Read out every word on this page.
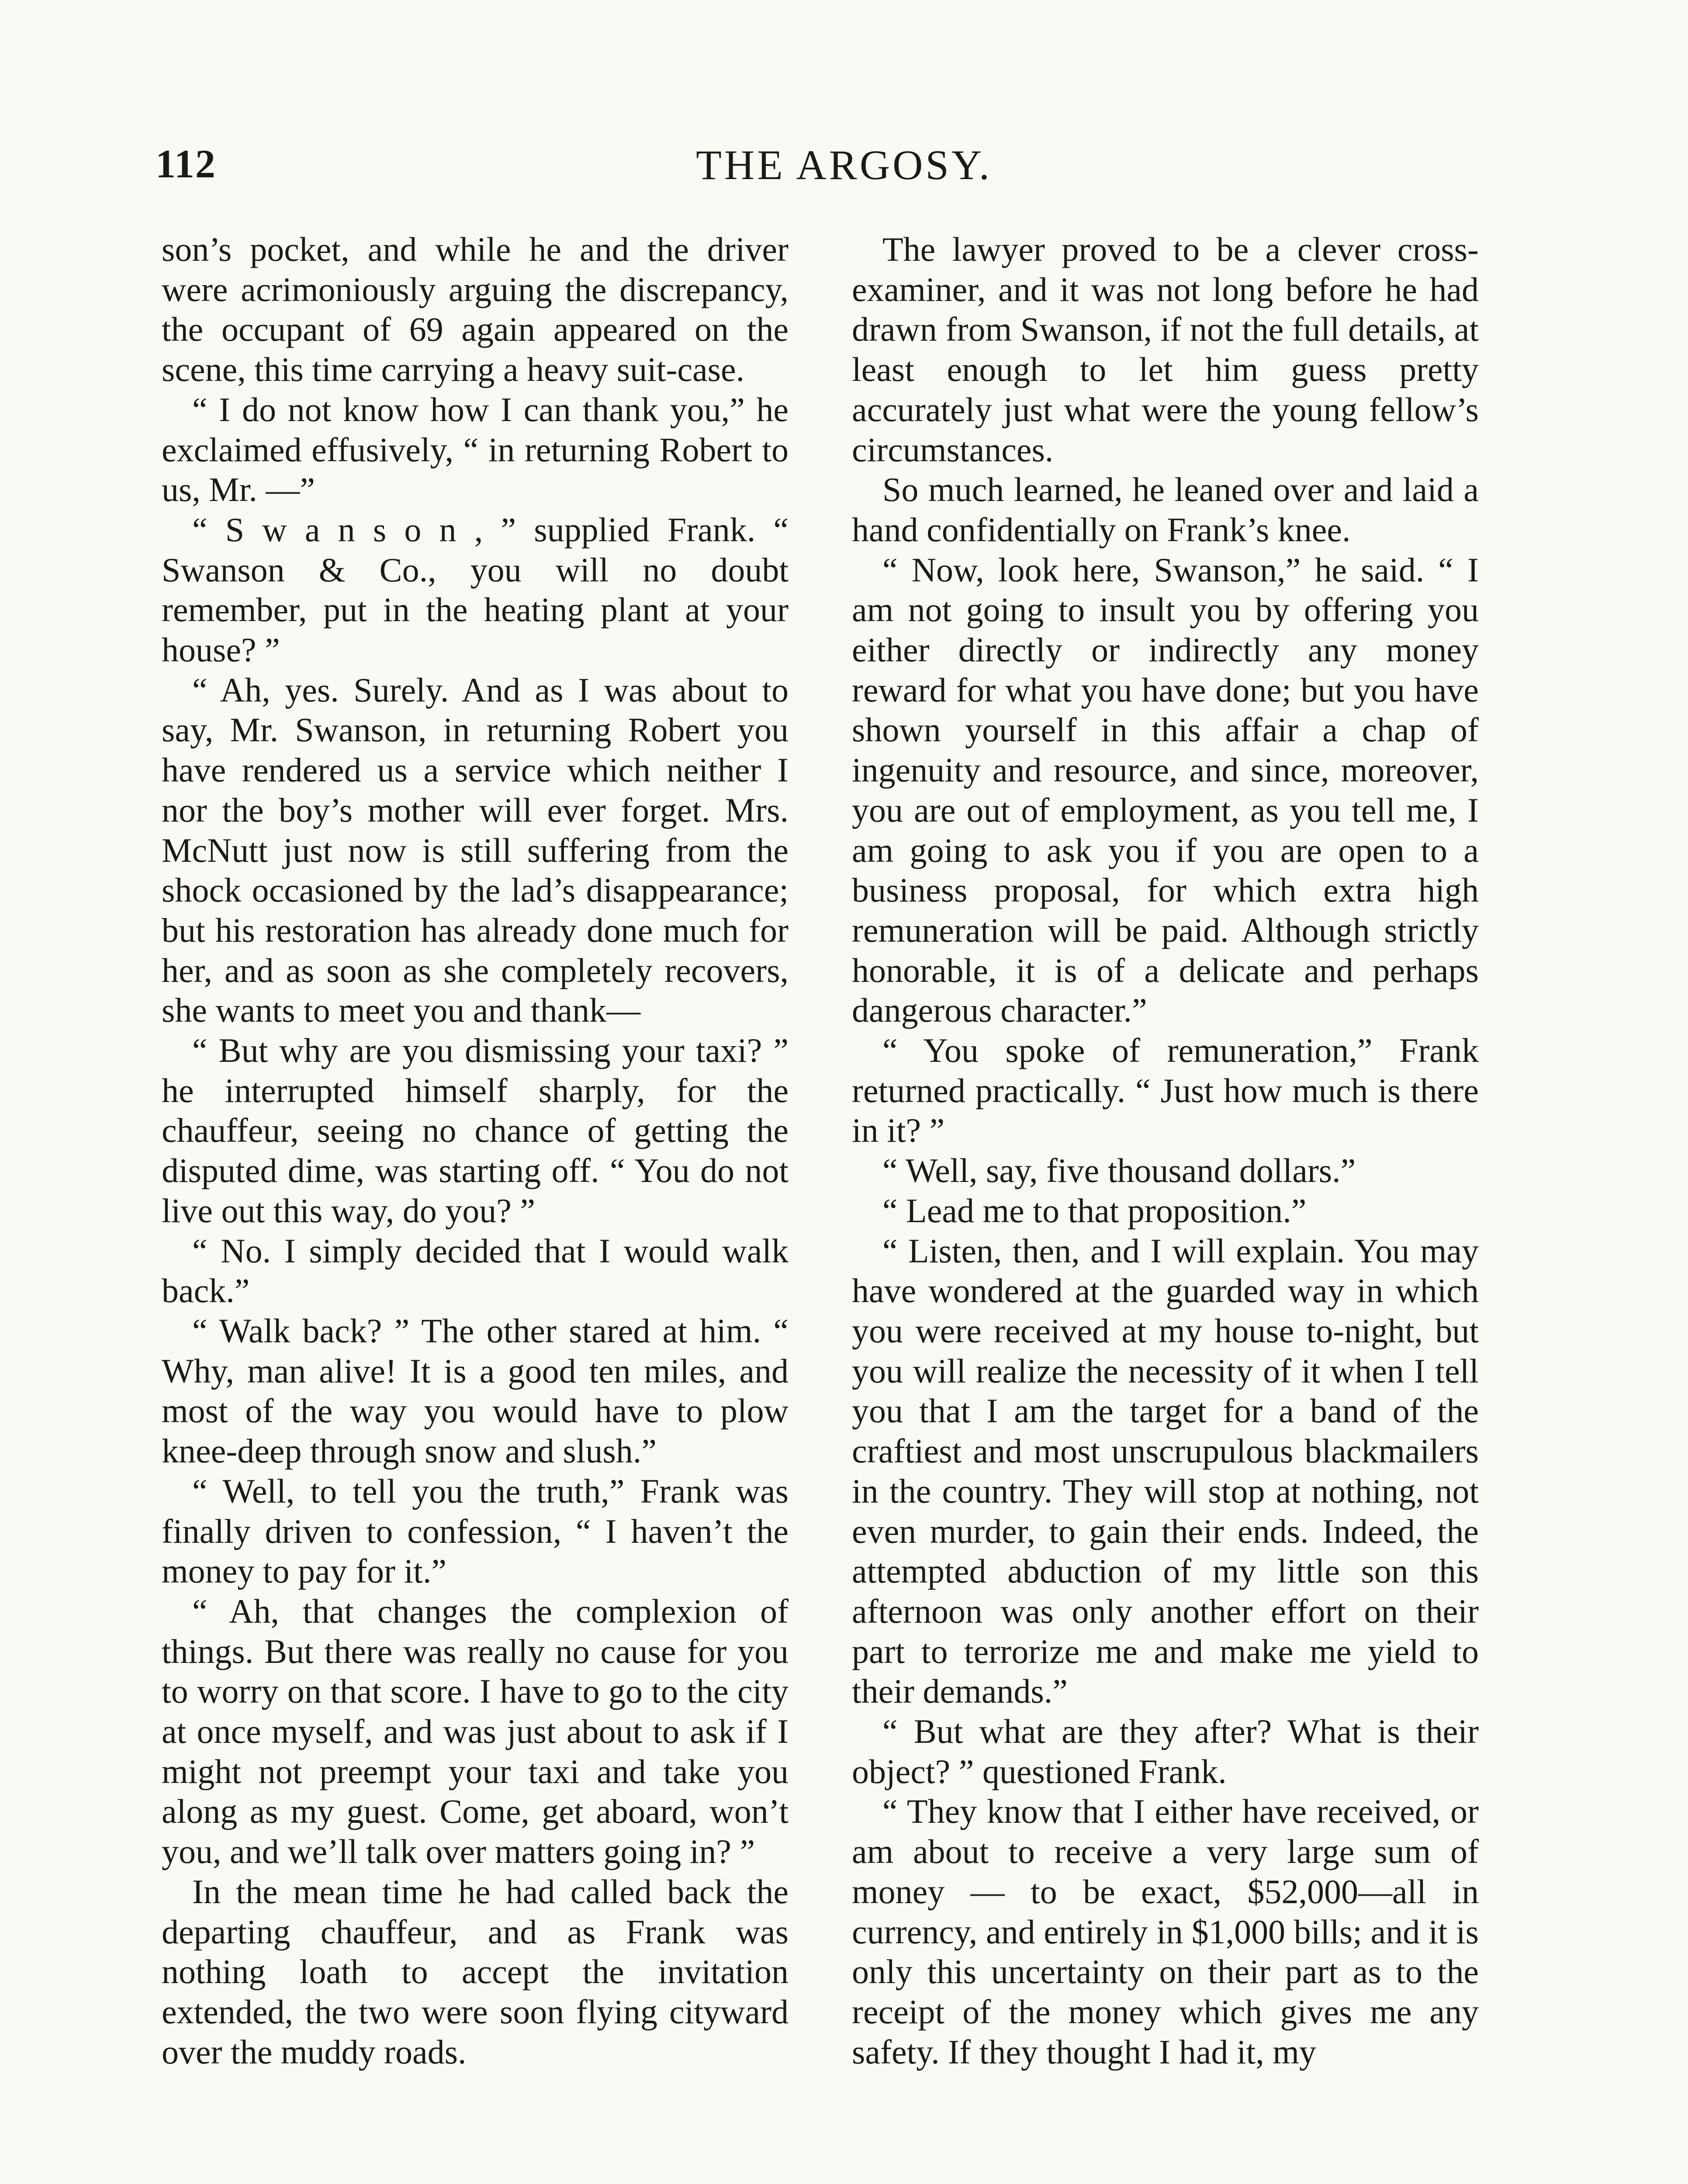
112	THE ARGOSY.

son’s pocket, and while he and the driver were acrimoniously arguing the discrepancy, the occupant of 69 again appeared on the scene, this time carrying a heavy suit-case.

“ I do not know how I can thank you,” he exclaimed effusively, “ in returning Robert to us, Mr. —”

“ S w a n s o n , ” supplied Frank. “ Swanson & Co., you will no doubt remember, put in the heating plant at your house? ”

“ Ah, yes. Surely. And as I was about to say, Mr. Swanson, in returning Robert you have rendered us a service which neither I nor the boy’s mother will ever forget. Mrs. McNutt just now is still suffering from the shock occasioned by the lad’s disappearance; but his restoration has already done much for her, and as soon as she completely recovers, she wants to meet you and thank—

“ But why are you dismissing your taxi? ” he interrupted himself sharply, for the chauffeur, seeing no chance of getting the disputed dime, was starting off. “ You do not live out this way, do you? ”

“ No. I simply decided that I would walk back.”

“ Walk back? ” The other stared at him. “ Why, man alive! It is a good ten miles, and most of the way you would have to plow knee-deep through snow and slush.”

“ Well, to tell you the truth,” Frank was finally driven to confession, “ I haven’t the money to pay for it.”

“ Ah, that changes the complexion of things. But there was really no cause for you to worry on that score. I have to go to the city at once myself, and was just about to ask if I might not preempt your taxi and take you along as my guest. Come, get aboard, won’t you, and we’ll talk over matters going in? ”

In the mean time he had called back the departing chauffeur, and as Frank was nothing loath to accept the invitation extended, the two were soon flying cityward over the muddy roads.

The lawyer proved to be a clever cross-examiner, and it was not long before he had drawn from Swanson, if not the full details, at least enough to let him guess pretty accurately just what were the young fellow’s circumstances.

So much learned, he leaned over and laid a hand confidentially on Frank’s knee.

“ Now, look here, Swanson,” he said. “ I am not going to insult you by offering you either directly or indirectly any money reward for what you have done; but you have shown yourself in this affair a chap of ingenuity and resource, and since, moreover, you are out of employment, as you tell me, I am going to ask you if you are open to a business proposal, for which extra high remuneration will be paid. Although strictly honorable, it is of a delicate and perhaps dangerous character.”

“ You spoke of remuneration,” Frank returned practically. “ Just how much is there in it? ”

“ Well, say, five thousand dollars.”

“ Lead me to that proposition.”

“ Listen, then, and I will explain. You may have wondered at the guarded way in which you were received at my house to-night, but you will realize the necessity of it when I tell you that I am the target for a band of the craftiest and most unscrupulous blackmailers in the country. They will stop at nothing, not even murder, to gain their ends. Indeed, the attempted abduction of my little son this afternoon was only another effort on their part to terrorize me and make me yield to their demands.”

“ But what are they after? What is their object? ” questioned Frank.

“ They know that I either have received, or am about to receive a very large sum of money — to be exact, $52,000—all in currency, and entirely in $1,000 bills; and it is only this uncertainty on their part as to the receipt of the money which gives me any safety. If they thought I had it, my
